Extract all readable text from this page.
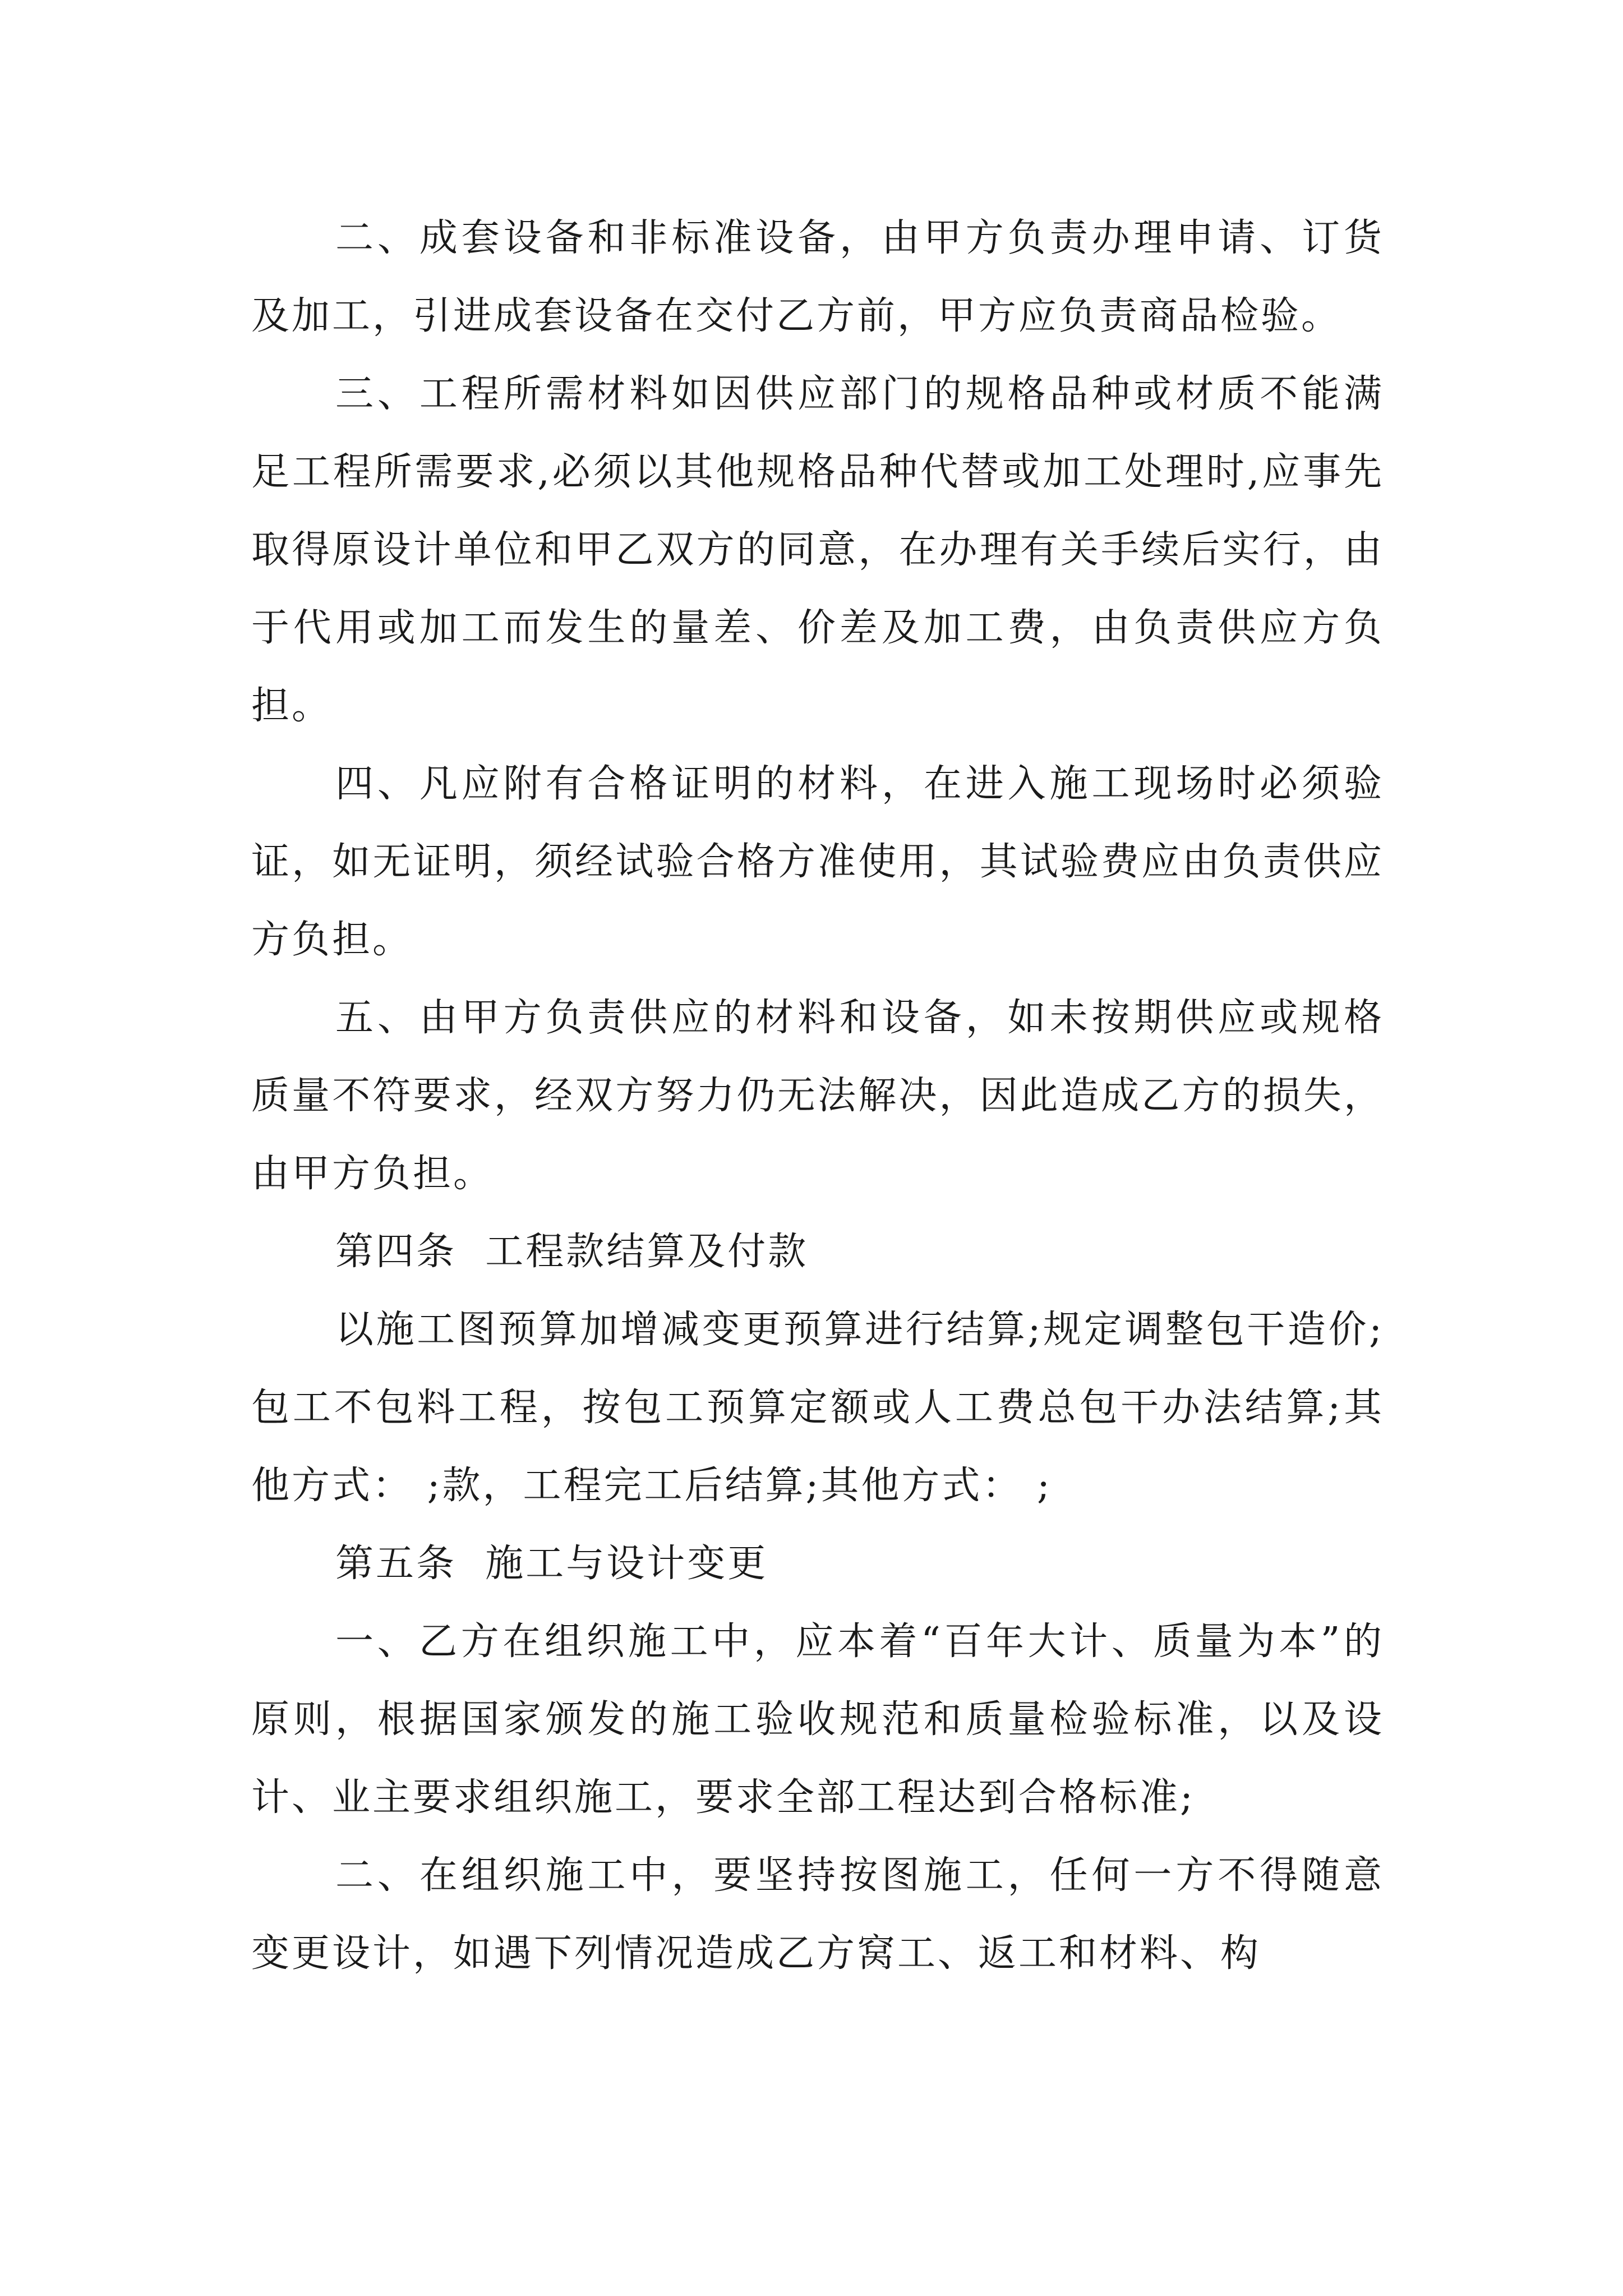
二、成套设备和非标准设备，由甲方负责办理申请、订货及加工，引进成套设备在交付乙方前，甲方应负责商品检验。

三、工程所需材料如因供应部门的规格品种或材质不能满足工程所需要求,必须以其他规格品种代替或加工处理时,应事先取得原设计单位和甲乙双方的同意，在办理有关手续后实行，由于代用或加工而发生的量差、价差及加工费，由负责供应方负担。

四、凡应附有合格证明的材料，在进入施工现场时必须验证，如无证明，须经试验合格方准使用，其试验费应由负责供应方负担。

五、由甲方负责供应的材料和设备，如未按期供应或规格质量不符要求，经双方努力仍无法解决，因此造成乙方的损失，由甲方负担。

第四条  工程款结算及付款

以施工图预算加增减变更预算进行结算;规定调整包干造价;包工不包料工程，按包工预算定额或人工费总包干办法结算;其他方式： ;款，工程完工后结算;其他方式： ;

第五条  施工与设计变更

一、乙方在组织施工中，应本着“百年大计、质量为本”的原则，根据国家颁发的施工验收规范和质量检验标准，以及设计、业主要求组织施工，要求全部工程达到合格标准;

二、在组织施工中，要坚持按图施工，任何一方不得随意变更设计，如遇下列情况造成乙方窝工、返工和材料、构
